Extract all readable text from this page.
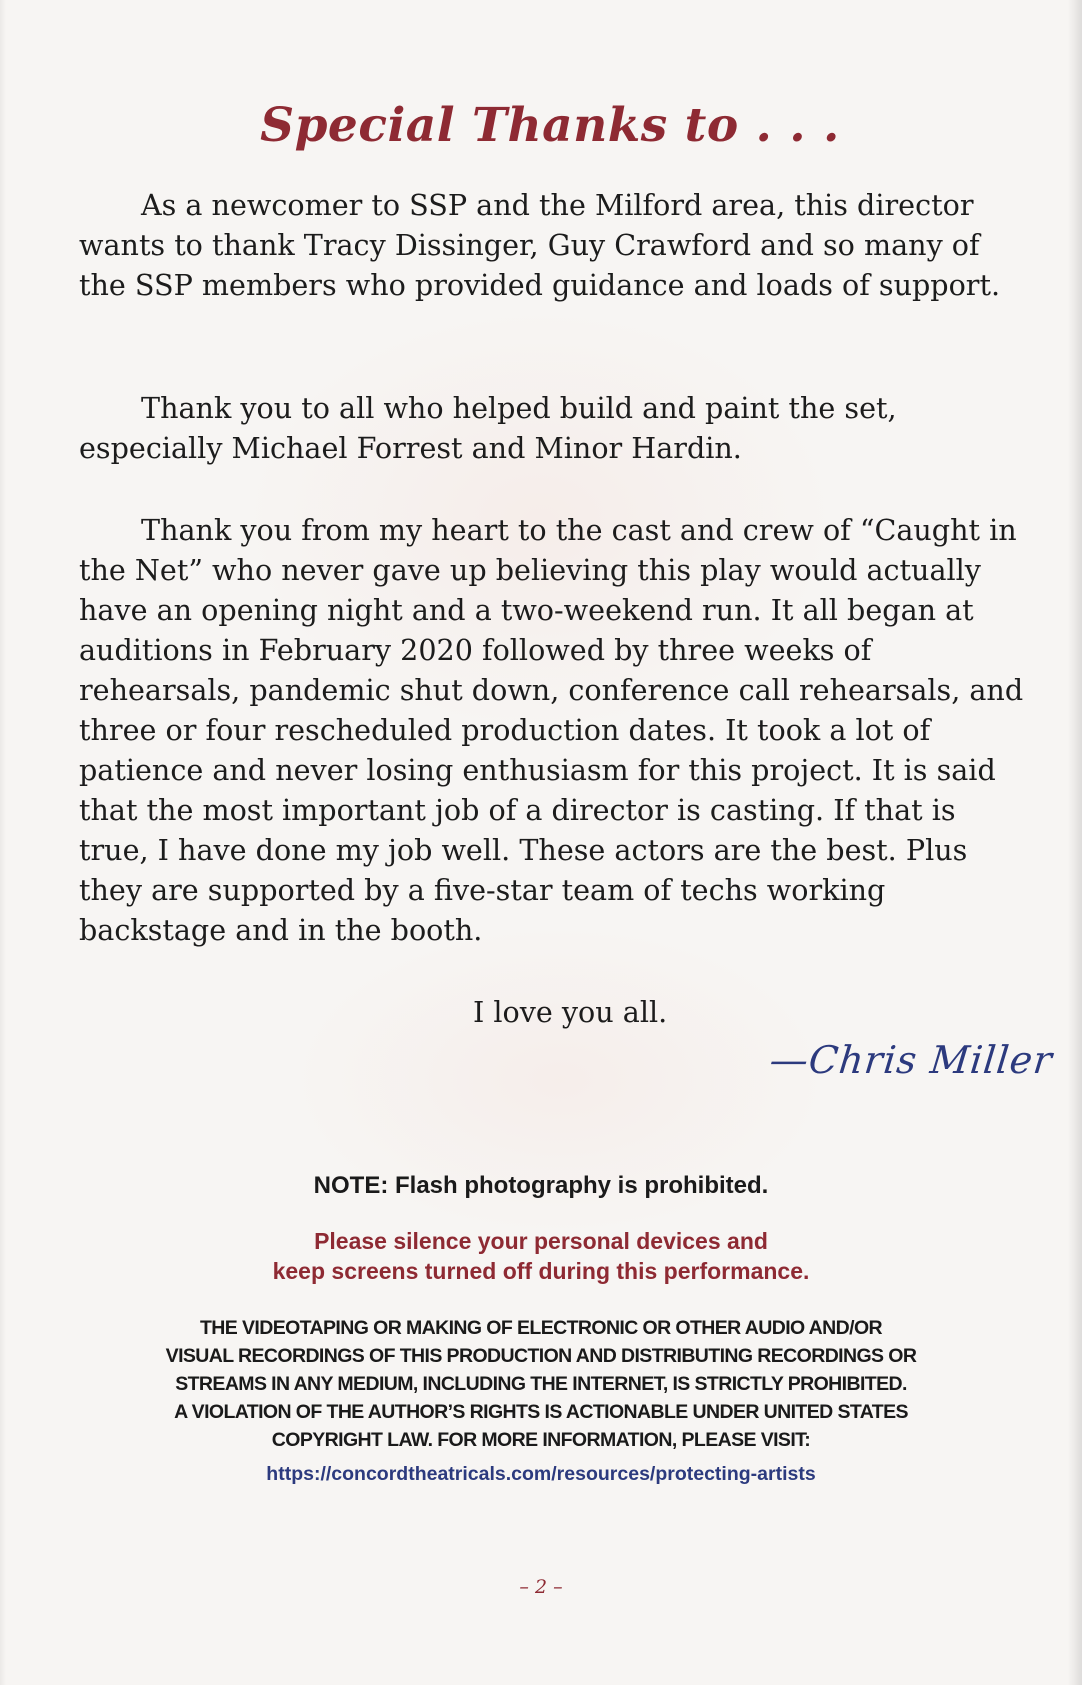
Special Thanks to . . .

As a newcomer to SSP and the Milford area, this director wants to thank Tracy Dissinger, Guy Crawford and so many of the SSP members who provided guidance and loads of support.

Thank you to all who helped build and paint the set, especially Michael Forrest and Minor Hardin.

Thank you from my heart to the cast and crew of “Caught in the Net” who never gave up believing this play would actually have an opening night and a two-weekend run. It all began at auditions in February 2020 followed by three weeks of rehearsals, pandemic shut down, conference call rehearsals, and three or four rescheduled production dates. It took a lot of patience and never losing enthusiasm for this project. It is said that the most important job of a director is casting. If that is true, I have done my job well. These actors are the best. Plus they are supported by a five-star team of techs working backstage and in the booth.

I love you all.
—Chris Miller
NOTE: Flash photography is prohibited.
Please silence your personal devices and
keep screens turned off during this performance.
THE VIDEOTAPING OR MAKING OF ELECTRONIC OR OTHER AUDIO AND/OR
VISUAL RECORDINGS OF THIS PRODUCTION AND DISTRIBUTING RECORDINGS OR
STREAMS IN ANY MEDIUM, INCLUDING THE INTERNET, IS STRICTLY PROHIBITED.
A VIOLATION OF THE AUTHOR’S RIGHTS IS ACTIONABLE UNDER UNITED STATES
COPYRIGHT LAW. FOR MORE INFORMATION, PLEASE VISIT:
https://concordtheatricals.com/resources/protecting-artists
– 2 –
